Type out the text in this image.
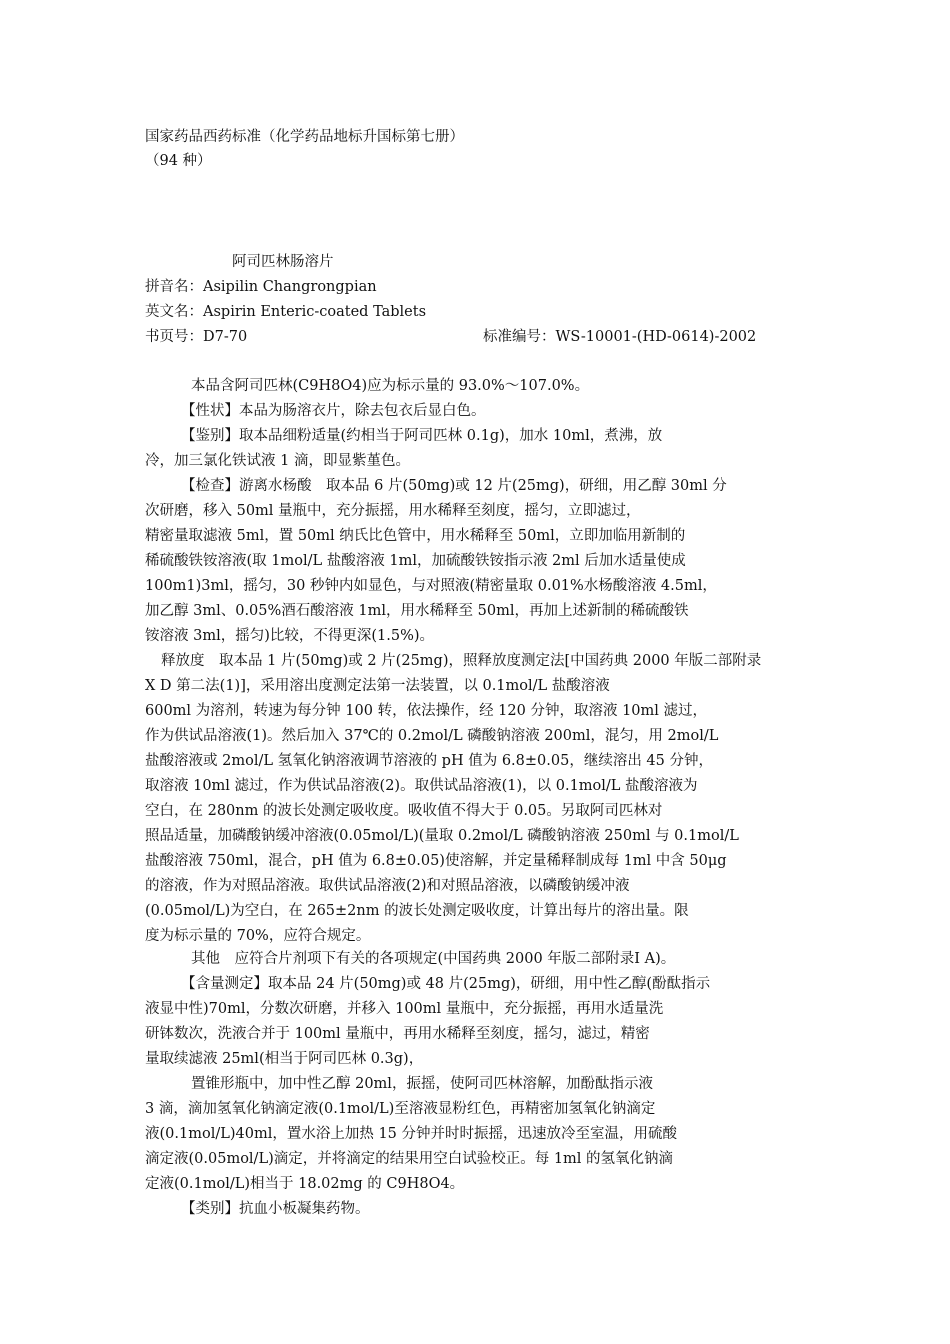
国家药品西药标准（化学药品地标升国标第七册）
（94 种）
阿司匹林肠溶片
拼音名：Asipilin Changrongpian
英文名：Aspirin Enteric-coated Tablets
书页号：D7-70	标准编号：WS-10001-(HD-0614)-2002
本品含阿司匹林(C9H8O4)应为标示量的 93.0%～107.0%。
【性状】本品为肠溶衣片，除去包衣后显白色。
【鉴别】取本品细粉适量(约相当于阿司匹林 0.1g)，加水 10ml，煮沸，放
冷，加三氯化铁试液 1 滴，即显紫堇色。
【检查】游离水杨酸　取本品 6 片(50mg)或 12 片(25mg)，研细，用乙醇 30ml 分
次研磨，移入 50ml 量瓶中，充分振摇，用水稀释至刻度，摇匀，立即滤过，
精密量取滤液 5ml，置 50ml 纳氏比色管中，用水稀释至 50ml，立即加临用新制的
稀硫酸铁铵溶液(取 1mol/L 盐酸溶液 1ml，加硫酸铁铵指示液 2ml 后加水适量使成
100m1)3ml，摇匀，30 秒钟内如显色，与对照液(精密量取 0.01%水杨酸溶液 4.5ml，
加乙醇 3ml、0.05%酒石酸溶液 1ml，用水稀释至 50ml，再加上述新制的稀硫酸铁
铵溶液 3ml，摇匀)比较，不得更深(1.5%)。
释放度　取本品 1 片(50mg)或 2 片(25mg)，照释放度测定法[中国药典 2000 年版二部附录
Ⅹ D 第二法(1)]，采用溶出度测定法第一法装置，以 0.1mol/L 盐酸溶液
600ml 为溶剂，转速为每分钟 100 转，依法操作，经 120 分钟，取溶液 10ml 滤过，
作为供试品溶液(1)。然后加入 37℃的 0.2mol/L 磷酸钠溶液 200ml，混匀，用 2mol/L
盐酸溶液或 2mol/L 氢氧化钠溶液调节溶液的 pH 值为 6.8±0.05，继续溶出 45 分钟，
取溶液 10ml 滤过，作为供试品溶液(2)。取供试品溶液(1)，以 0.1mol/L 盐酸溶液为
空白，在 280nm 的波长处测定吸收度。吸收值不得大于 0.05。另取阿司匹林对
照品适量，加磷酸钠缓冲溶液(0.05mol/L)(量取 0.2mol/L 磷酸钠溶液 250ml 与 0.1mol/L
盐酸溶液 750ml，混合，pH 值为 6.8±0.05)使溶解，并定量稀释制成每 1ml 中含 50μg
的溶液，作为对照品溶液。取供试品溶液(2)和对照品溶液，以磷酸钠缓冲液
(0.05mol/L)为空白，在 265±2nm 的波长处测定吸收度，计算出每片的溶出量。限
度为标示量的 70%，应符合规定。
其他　应符合片剂项下有关的各项规定(中国药典 2000 年版二部附录Ⅰ A)。
【含量测定】取本品 24 片(50mg)或 48 片(25mg)，研细，用中性乙醇(酚酞指示
液显中性)70ml，分数次研磨，并移入 100ml 量瓶中，充分振摇，再用水适量洗
研钵数次，洗液合并于 100ml 量瓶中，再用水稀释至刻度，摇匀，滤过，精密
量取续滤液 25ml(相当于阿司匹林 0.3g)，
置锥形瓶中，加中性乙醇 20ml，振摇，使阿司匹林溶解，加酚酞指示液
3 滴，滴加氢氧化钠滴定液(0.1mol/L)至溶液显粉红色，再精密加氢氧化钠滴定
液(0.1mol/L)40ml，置水浴上加热 15 分钟并时时振摇，迅速放冷至室温，用硫酸
滴定液(0.05mol/L)滴定，并将滴定的结果用空白试验校正。每 1ml 的氢氧化钠滴
定液(0.1mol/L)相当于 18.02mg 的 C9H8O4。
【类别】抗血小板凝集药物。
